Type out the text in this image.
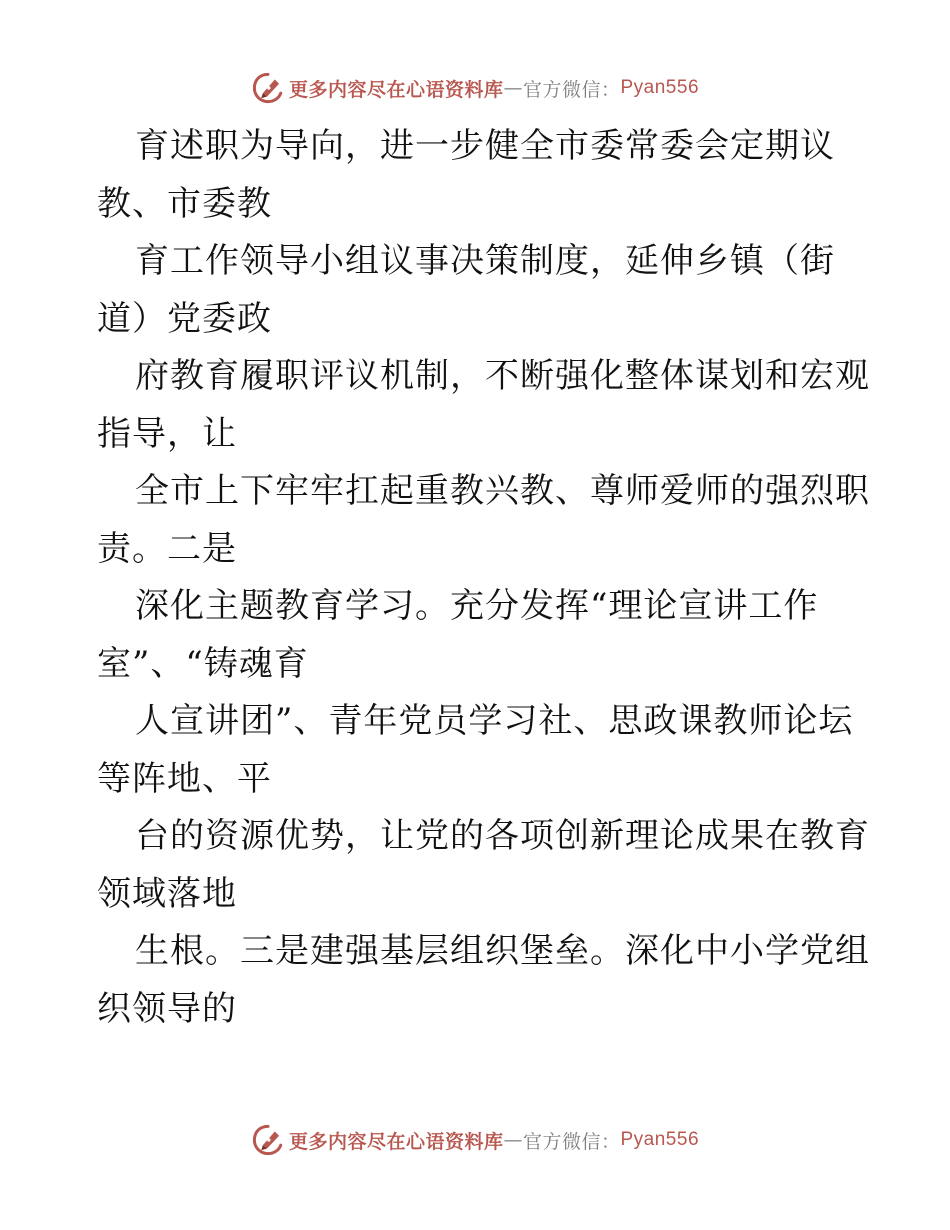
更多内容尽在心语资料库 — 官方微信： Pyan556
育述职为导向，进一步健全市委常委会定期议
教、市委教
育工作领导小组议事决策制度，延伸乡镇（街
道）党委政
府教育履职评议机制，不断强化整体谋划和宏观
指导，让
全市上下牢牢扛起重教兴教、尊师爱师的强烈职
责。二是
深化主题教育学习。充分发挥“理论宣讲工作
室”、“铸魂育
人宣讲团”、青年党员学习社、思政课教师论坛
等阵地、平
台的资源优势，让党的各项创新理论成果在教育
领域落地
生根。三是建强基层组织堡垒。深化中小学党组
织领导的
更多内容尽在心语资料库 — 官方微信： Pyan556
